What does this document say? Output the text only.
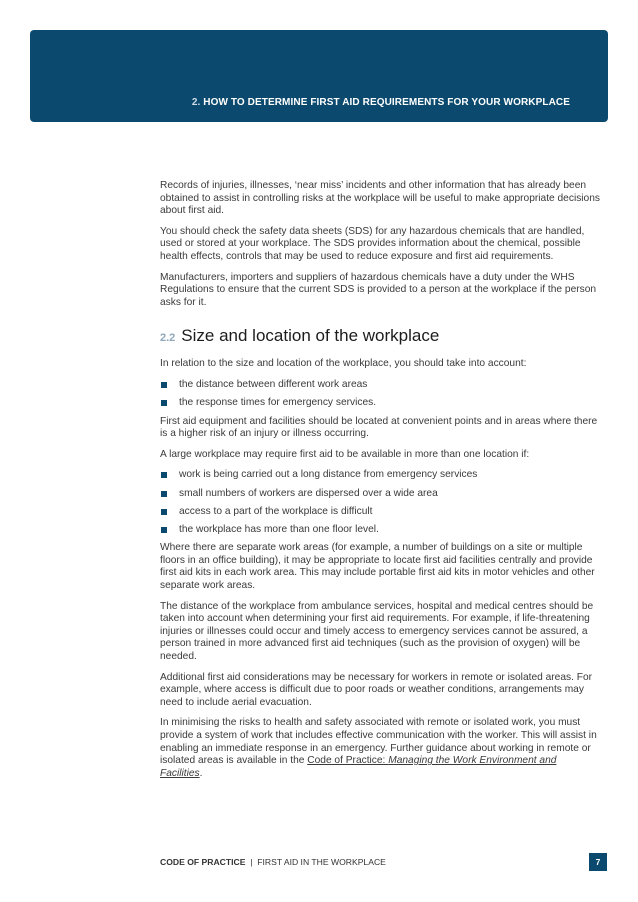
2. HOW TO DETERMINE FIRST AID REQUIREMENTS FOR YOUR WORKPLACE

Records of injuries, illnesses, ‘near miss’ incidents and other information that has already been obtained to assist in controlling risks at the workplace will be useful to make appropriate decisions about first aid.

You should check the safety data sheets (SDS) for any hazardous chemicals that are handled, used or stored at your workplace. The SDS provides information about the chemical, possible health effects, controls that may be used to reduce exposure and first aid requirements.

Manufacturers, importers and suppliers of hazardous chemicals have a duty under the WHS Regulations to ensure that the current SDS is provided to a person at the workplace if the person asks for it.

2.2 Size and location of the workplace

In relation to the size and location of the workplace, you should take into account:

the distance between different work areas
the response times for emergency services.

First aid equipment and facilities should be located at convenient points and in areas where there is a higher risk of an injury or illness occurring.

A large workplace may require first aid to be available in more than one location if:

work is being carried out a long distance from emergency services
small numbers of workers are dispersed over a wide area
access to a part of the workplace is difficult
the workplace has more than one floor level.

Where there are separate work areas (for example, a number of buildings on a site or multiple floors in an office building), it may be appropriate to locate first aid facilities centrally and provide first aid kits in each work area. This may include portable first aid kits in motor vehicles and other separate work areas.

The distance of the workplace from ambulance services, hospital and medical centres should be taken into account when determining your first aid requirements. For example, if life-threatening injuries or illnesses could occur and timely access to emergency services cannot be assured, a person trained in more advanced first aid techniques (such as the provision of oxygen) will be needed.

Additional first aid considerations may be necessary for workers in remote or isolated areas. For example, where access is difficult due to poor roads or weather conditions, arrangements may need to include aerial evacuation.

In minimising the risks to health and safety associated with remote or isolated work, you must provide a system of work that includes effective communication with the worker. This will assist in enabling an immediate response in an emergency. Further guidance about working in remote or isolated areas is available in the Code of Practice: Managing the Work Environment and Facilities.

CODE OF PRACTICE | FIRST AID IN THE WORKPLACE	7
